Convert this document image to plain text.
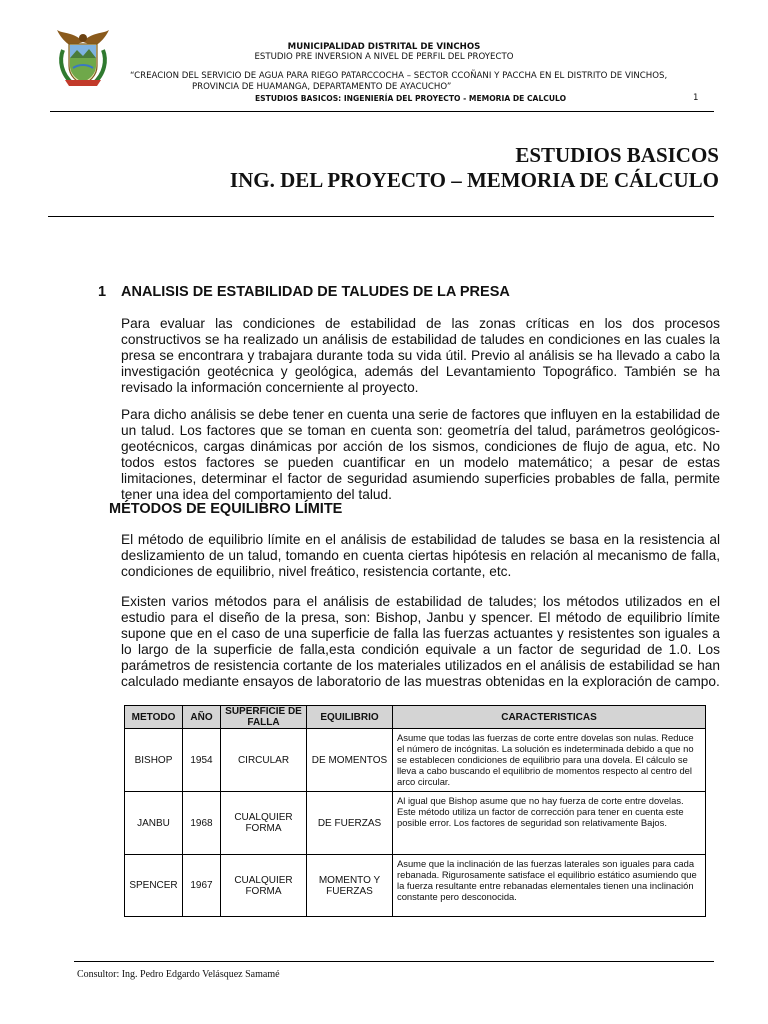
MUNICIPALIDAD DISTRITAL DE VINCHOS
ESTUDIO PRE INVERSION A NIVEL DE PERFIL DEL PROYECTO
“CREACION DEL SERVICIO DE AGUA PARA RIEGO PATARCCOCHA – SECTOR CCOÑANI Y PACCHA EN EL DISTRITO DE VINCHOS,
PROVINCIA DE HUAMANGA, DEPARTAMENTO DE AYACUCHO”
ESTUDIOS BASICOS: INGENIERÍA DEL PROYECTO - MEMORIA DE CALCULO	1
ESTUDIOS BASICOS
ING. DEL PROYECTO – MEMORIA DE CÁLCULO
1 ANALISIS DE ESTABILIDAD DE TALUDES DE LA PRESA
Para evaluar las condiciones de estabilidad de las zonas críticas en los dos procesos constructivos se ha realizado un análisis de estabilidad de taludes en condiciones en las cuales la presa se encontrara y trabajara durante toda su vida útil. Previo al análisis se ha llevado a cabo la investigación geotécnica y geológica, además del Levantamiento Topográfico. También se ha revisado la información concerniente al proyecto.
Para dicho análisis se debe tener en cuenta una serie de factores que influyen en la estabilidad de un talud. Los factores que se toman en cuenta son: geometría del talud, parámetros geológicos-geotécnicos, cargas dinámicas por acción de los sismos, condiciones de flujo de agua, etc. No todos estos factores se pueden cuantificar en un modelo matemático; a pesar de estas limitaciones, determinar el factor de seguridad asumiendo superficies probables de falla, permite tener una idea del comportamiento del talud.
MÉTODOS DE EQUILIBRO LÍMITE
El método de equilibrio límite en el análisis de estabilidad de taludes se basa en la resistencia al deslizamiento de un talud, tomando en cuenta ciertas hipótesis en relación al mecanismo de falla, condiciones de equilibrio, nivel freático, resistencia cortante, etc.
Existen varios métodos para el análisis de estabilidad de taludes; los métodos utilizados en el estudio para el diseño de la presa, son: Bishop, Janbu y spencer. El método de equilibrio límite supone que en el caso de una superficie de falla las fuerzas actuantes y resistentes son iguales a lo largo de la superficie de falla,esta condición equivale a un factor de seguridad de 1.0. Los parámetros de resistencia cortante de los materiales utilizados en el análisis de estabilidad se han calculado mediante ensayos de laboratorio de las muestras obtenidas en la exploración de campo.
METODO	AÑO	SUPERFICIE DE FALLA	EQUILIBRIO	CARACTERISTICAS
BISHOP	1954	CIRCULAR	DE MOMENTOS	Asume que todas las fuerzas de corte entre dovelas son nulas. Reduce el número de incógnitas. La solución es indeterminada debido a que no se establecen condiciones de equilibrio para una dovela. El cálculo se lleva a cabo buscando el equilibrio de momentos respecto al centro del arco circular.
JANBU	1968	CUALQUIER FORMA	DE FUERZAS	Al igual que Bishop asume que no hay fuerza de corte entre dovelas. Este método utiliza un factor de corrección para tener en cuenta este posible error. Los factores de seguridad son relativamente Bajos.
SPENCER	1967	CUALQUIER FORMA	MOMENTO Y FUERZAS	Asume que la inclinación de las fuerzas laterales son iguales para cada rebanada. Rigurosamente satisface el equilibrio estático asumiendo que la fuerza resultante entre rebanadas elementales tienen una inclinación constante pero desconocida.
Consultor: Ing. Pedro Edgardo Velásquez Samamé
